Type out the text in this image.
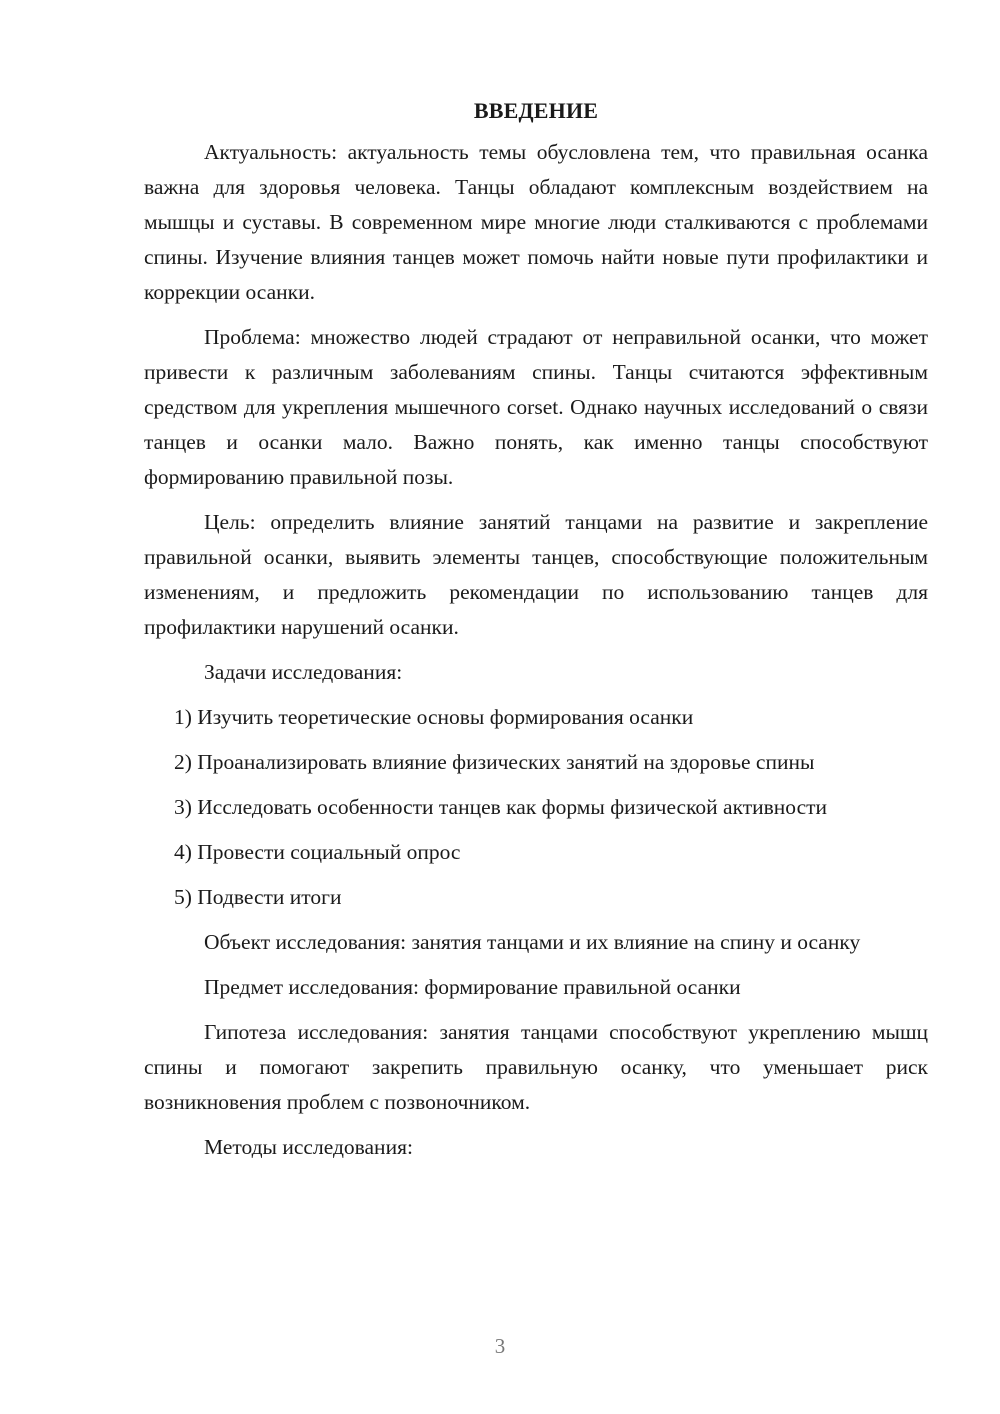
ВВЕДЕНИЕ

Актуальность: актуальность темы обусловлена тем, что правильная осанка важна для здоровья человека. Танцы обладают комплексным воздействием на мышцы и суставы. В современном мире многие люди сталкиваются с проблемами спины. Изучение влияния танцев может помочь найти новые пути профилактики и коррекции осанки.

Проблема: множество людей страдают от неправильной осанки, что может привести к различным заболеваниям спины. Танцы считаются эффективным средством для укрепления мышечного corset. Однако научных исследований о связи танцев и осанки мало. Важно понять, как именно танцы способствуют формированию правильной позы.

Цель: определить влияние занятий танцами на развитие и закрепление правильной осанки, выявить элементы танцев, способствующие положительным изменениям, и предложить рекомендации по использованию танцев для профилактики нарушений осанки.

Задачи исследования:

1) Изучить теоретические основы формирования осанки

2) Проанализировать влияние физических занятий на здоровье спины

3) Исследовать особенности танцев как формы физической активности

4) Провести социальный опрос

5) Подвести итоги

Объект исследования: занятия танцами и их влияние на спину и осанку

Предмет исследования: формирование правильной осанки

Гипотеза исследования: занятия танцами способствуют укреплению мышц спины и помогают закрепить правильную осанку, что уменьшает риск возникновения проблем с позвоночником.

Методы исследования:

3
